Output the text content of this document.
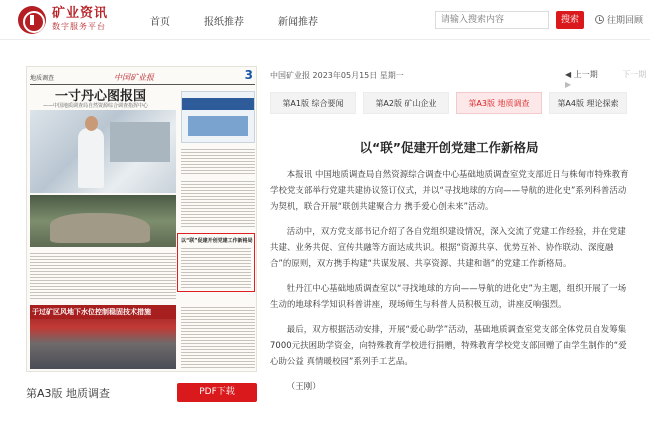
矿业资讯
数字服务平台	首页	报纸推荐	新闻推荐
请输入搜索内容	搜索	往期回顾
地质调查	中国矿业报	3
一寸丹心图报国
——中国地质调查局自然资源综合调查指挥中心
以“联”促建开创党建工作新格局
于过矿区风地下水位控制稳固技术措施
第A3版 地质调查	PDF下载
中国矿业报 2023年05月15日 星期一	◀ 上一期	下一期 ▶
第A1版 综合要闻	第A2版 矿山企业	第A3版 地质调查	第A4版 理论探索
以“联”促建开创党建工作新格局

本报讯 中国地质调查局自然资源综合调查中心基础地质调查室党支部近日与株甸市特殊教育学校党支部举行党建共建协议签订仪式，并以“寻找地球的方向——导航的进化史”系列科普活动为契机，联合开展“联创共建聚合力 携手爱心创未来”活动。

活动中，双方党支部书记介绍了各自党组织建设情况，深入交流了党建工作经验，并在党建共建、业务共促、宣传共融等方面达成共识。根据“资源共享、优势互补、协作联动、深度融合”的原则，双方携手构建“共谋发展、共享资源、共建和谐”的党建工作新格局。

牡丹江中心基础地质调查室以“寻找地球的方向——导航的进化史”为主题，组织开展了一场生动的地球科学知识科普讲座，现场师生与科普人员积极互动，讲座反响强烈。

最后，双方根据活动安排，开展“爱心助学”活动，基础地质调查室党支部全体党员自发筹集7000元扶困助学资金，向特殊教育学校进行捐赠，特殊教育学校党支部回赠了由学生制作的“爱心助公益 真情暖校园”系列手工艺品。

（王刚）
